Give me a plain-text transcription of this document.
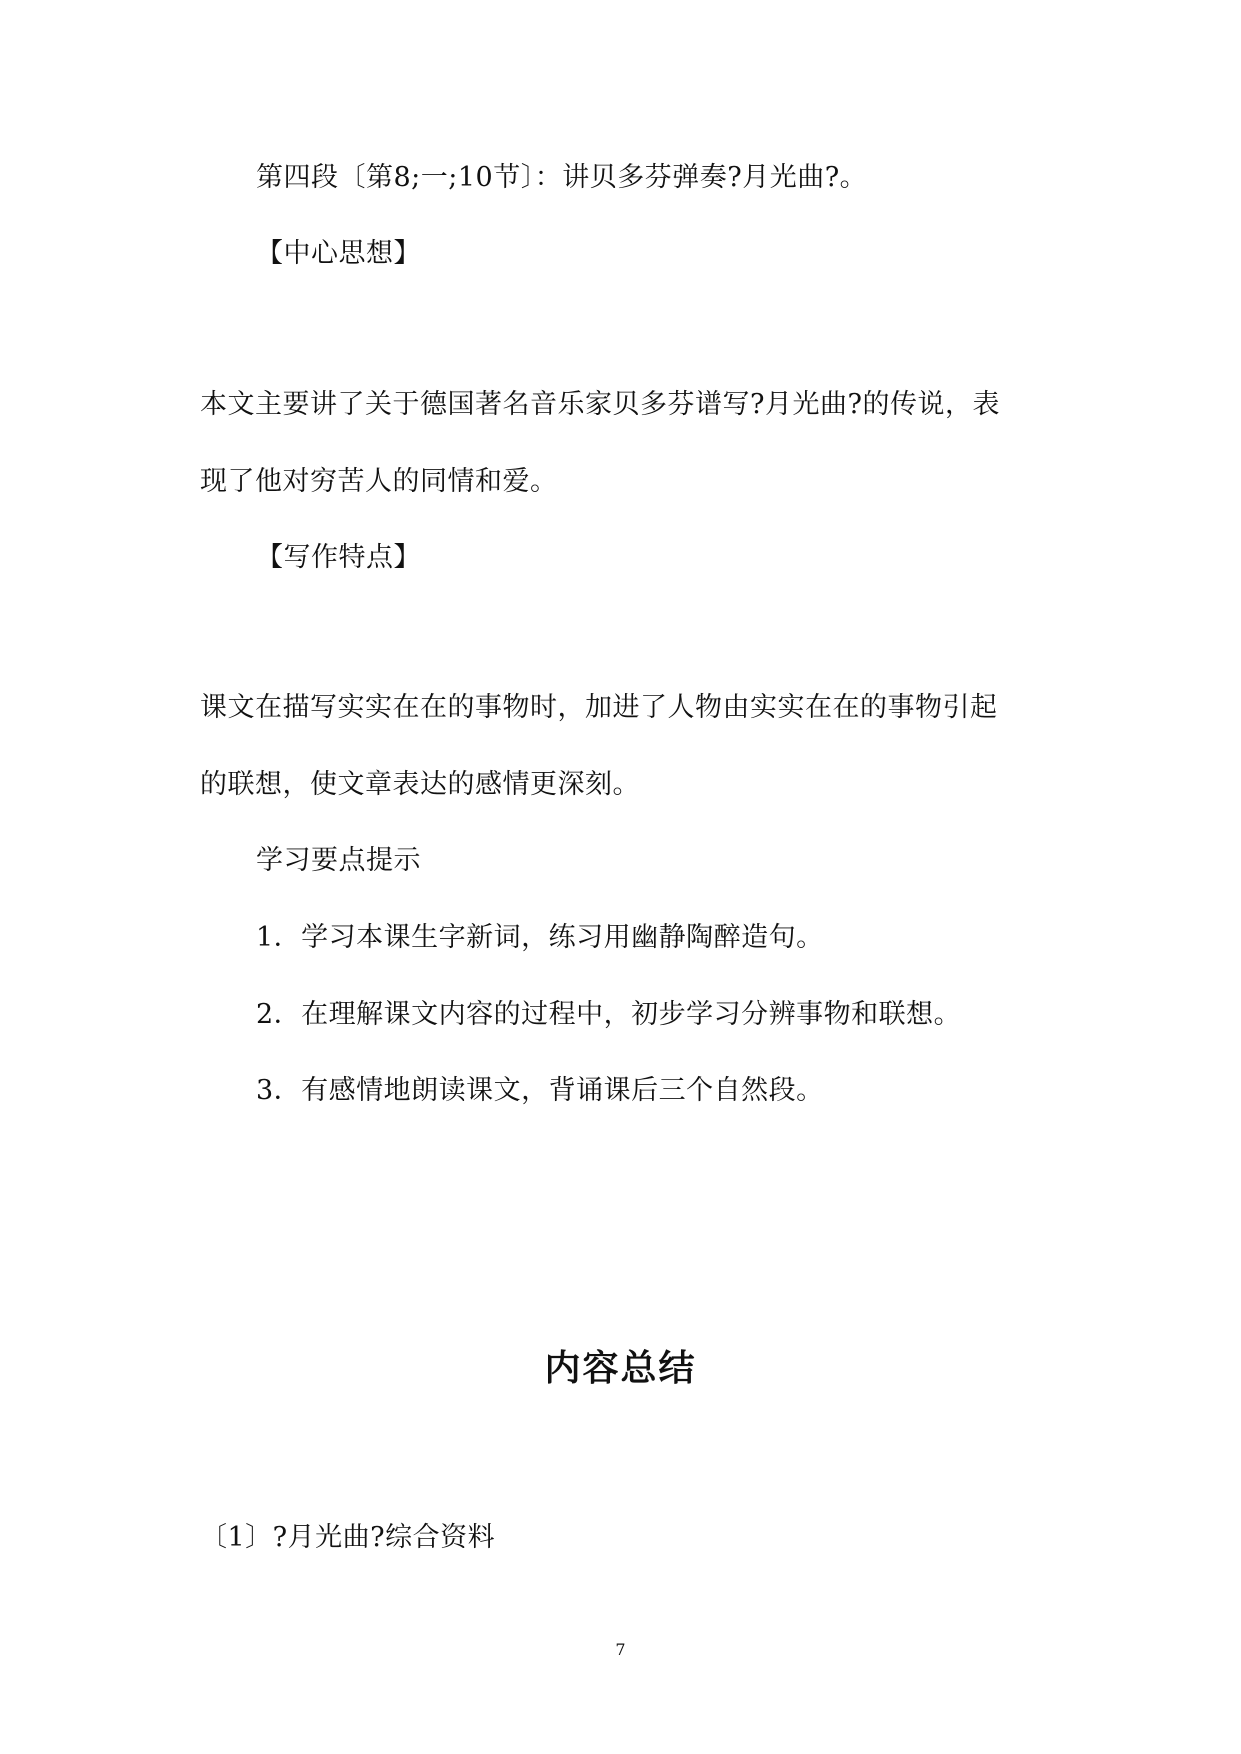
第四段〔第8;一;10节〕：讲贝多芬弹奏?月光曲?。
【中心思想】
本文主要讲了关于德国著名音乐家贝多芬谱写?月光曲?的传说，表
现了他对穷苦人的同情和爱。
【写作特点】
课文在描写实实在在的事物时，加进了人物由实实在在的事物引起
的联想，使文章表达的感情更深刻。
学习要点提示
1．学习本课生字新词，练习用幽静陶醉造句。
2．在理解课文内容的过程中，初步学习分辨事物和联想。
3．有感情地朗读课文，背诵课后三个自然段。
内容总结
〔1〕?月光曲?综合资料
7
